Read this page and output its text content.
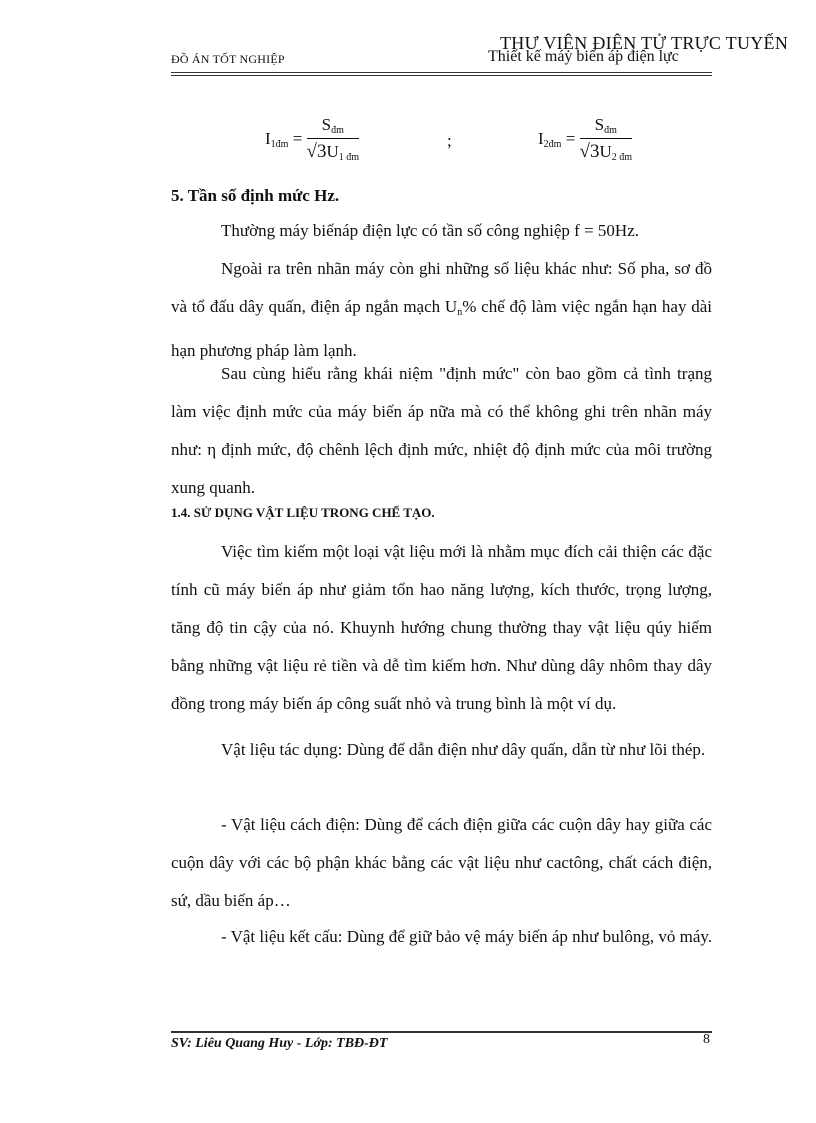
THƯ VIỆN ĐIỆN TỬ TRỰC TUYẾN
ĐỒ ÁN TỐT NGHIỆP	Thiết kế máy biến áp điện lực
$I_{1đm} = \frac{S_{đm}}{√3U_{1 đm}}$	;	$I_{2đm} = \frac{S_{đm}}{√3U_{2 đm}}$
5. Tần số định mức Hz.
Thường máy biếnáp điện lực có tần số công nghiệp f = 50Hz.
Ngoài ra trên nhãn máy còn ghi những số liệu khác như: Số pha, sơ đồ và tổ đấu dây quấn, điện áp ngắn mạch $U_n\%$ chế độ làm việc ngắn hạn hay dài hạn phương pháp làm lạnh.
Sau cùng hiểu rằng khái niệm "định mức" còn bao gồm cả tình trạng làm việc định mức của máy biến áp nữa mà có thể không ghi trên nhãn máy như: η định mức, độ chênh lệch định mức, nhiệt độ định mức của môi trường xung quanh.
1.4. SỬ DỤNG VẬT LIỆU TRONG CHẾ TẠO.
Việc tìm kiếm một loại vật liệu mới là nhằm mục đích cải thiện các đặc tính cũ máy biến áp như giảm tổn hao năng lượng, kích thước, trọng lượng, tăng độ tin cậy của nó. Khuynh hướng chung thường thay vật liệu qúy hiếm bằng những vật liệu rẻ tiền và dễ tìm kiếm hơn. Như dùng dây nhôm thay dây đồng trong máy biến áp công suất nhỏ và trung bình là một ví dụ.
Vật liệu tác dụng: Dùng để dẫn điện như dây quấn, dẫn từ như lõi thép.
- Vật liệu cách điện: Dùng để cách điện giữa các cuộn dây hay giữa các cuộn dây với các bộ phận khác bằng các vật liệu như cactông, chất cách điện, sứ, dầu biến áp…
- Vật liệu kết cấu: Dùng để giữ bảo vệ máy biến áp như bulông, vỏ máy.
SV: Liêu Quang Huy - Lớp: TBĐ-ĐT	8
